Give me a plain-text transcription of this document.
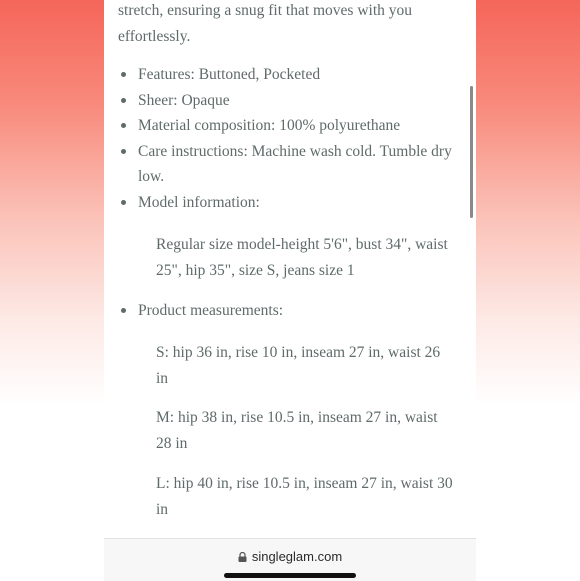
stretch, ensuring a snug fit that moves with you effortlessly.

Features: Buttoned, Pocketed
Sheer: Opaque
Material composition: 100% polyurethane
Care instructions: Machine wash cold. Tumble dry low.
Model information:

Regular size model-height 5'6", bust 34", waist 25", hip 35", size S, jeans size 1

Product measurements:

S: hip 36 in, rise 10 in, inseam 27 in, waist 26 in

M: hip 38 in, rise 10.5 in, inseam 27 in, waist 28 in

L: hip 40 in, rise 10.5 in, inseam 27 in, waist 30 in

singleglam.com
